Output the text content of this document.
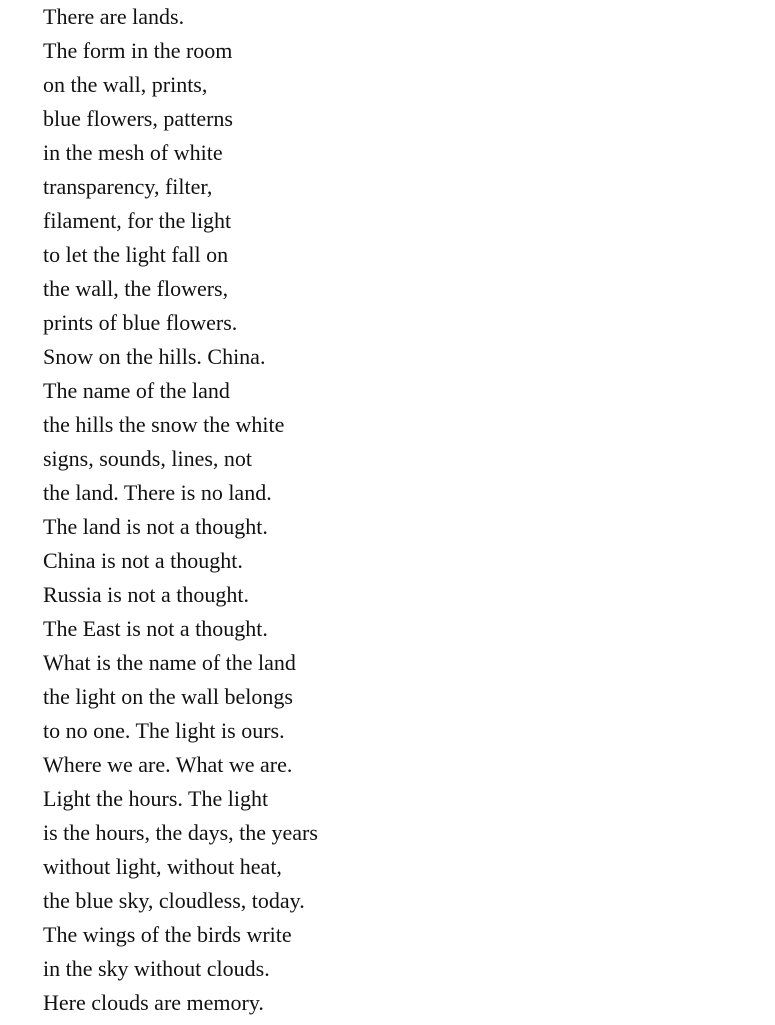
There are lands.
The form in the room
on the wall, prints,
blue flowers, patterns
in the mesh of white
transparency, filter,
filament, for the light
to let the light fall on
the wall, the flowers,
prints of blue flowers.
Snow on the hills. China.
The name of the land
the hills the snow the white
signs, sounds, lines, not
the land. There is no land.
The land is not a thought.
China is not a thought.
Russia is not a thought.
The East is not a thought.
What is the name of the land
the light on the wall belongs
to no one. The light is ours.
Where we are. What we are.
Light the hours. The light
is the hours, the days, the years
without light, without heat,
the blue sky, cloudless, today.
The wings of the birds write
in the sky without clouds.
Here clouds are memory.
